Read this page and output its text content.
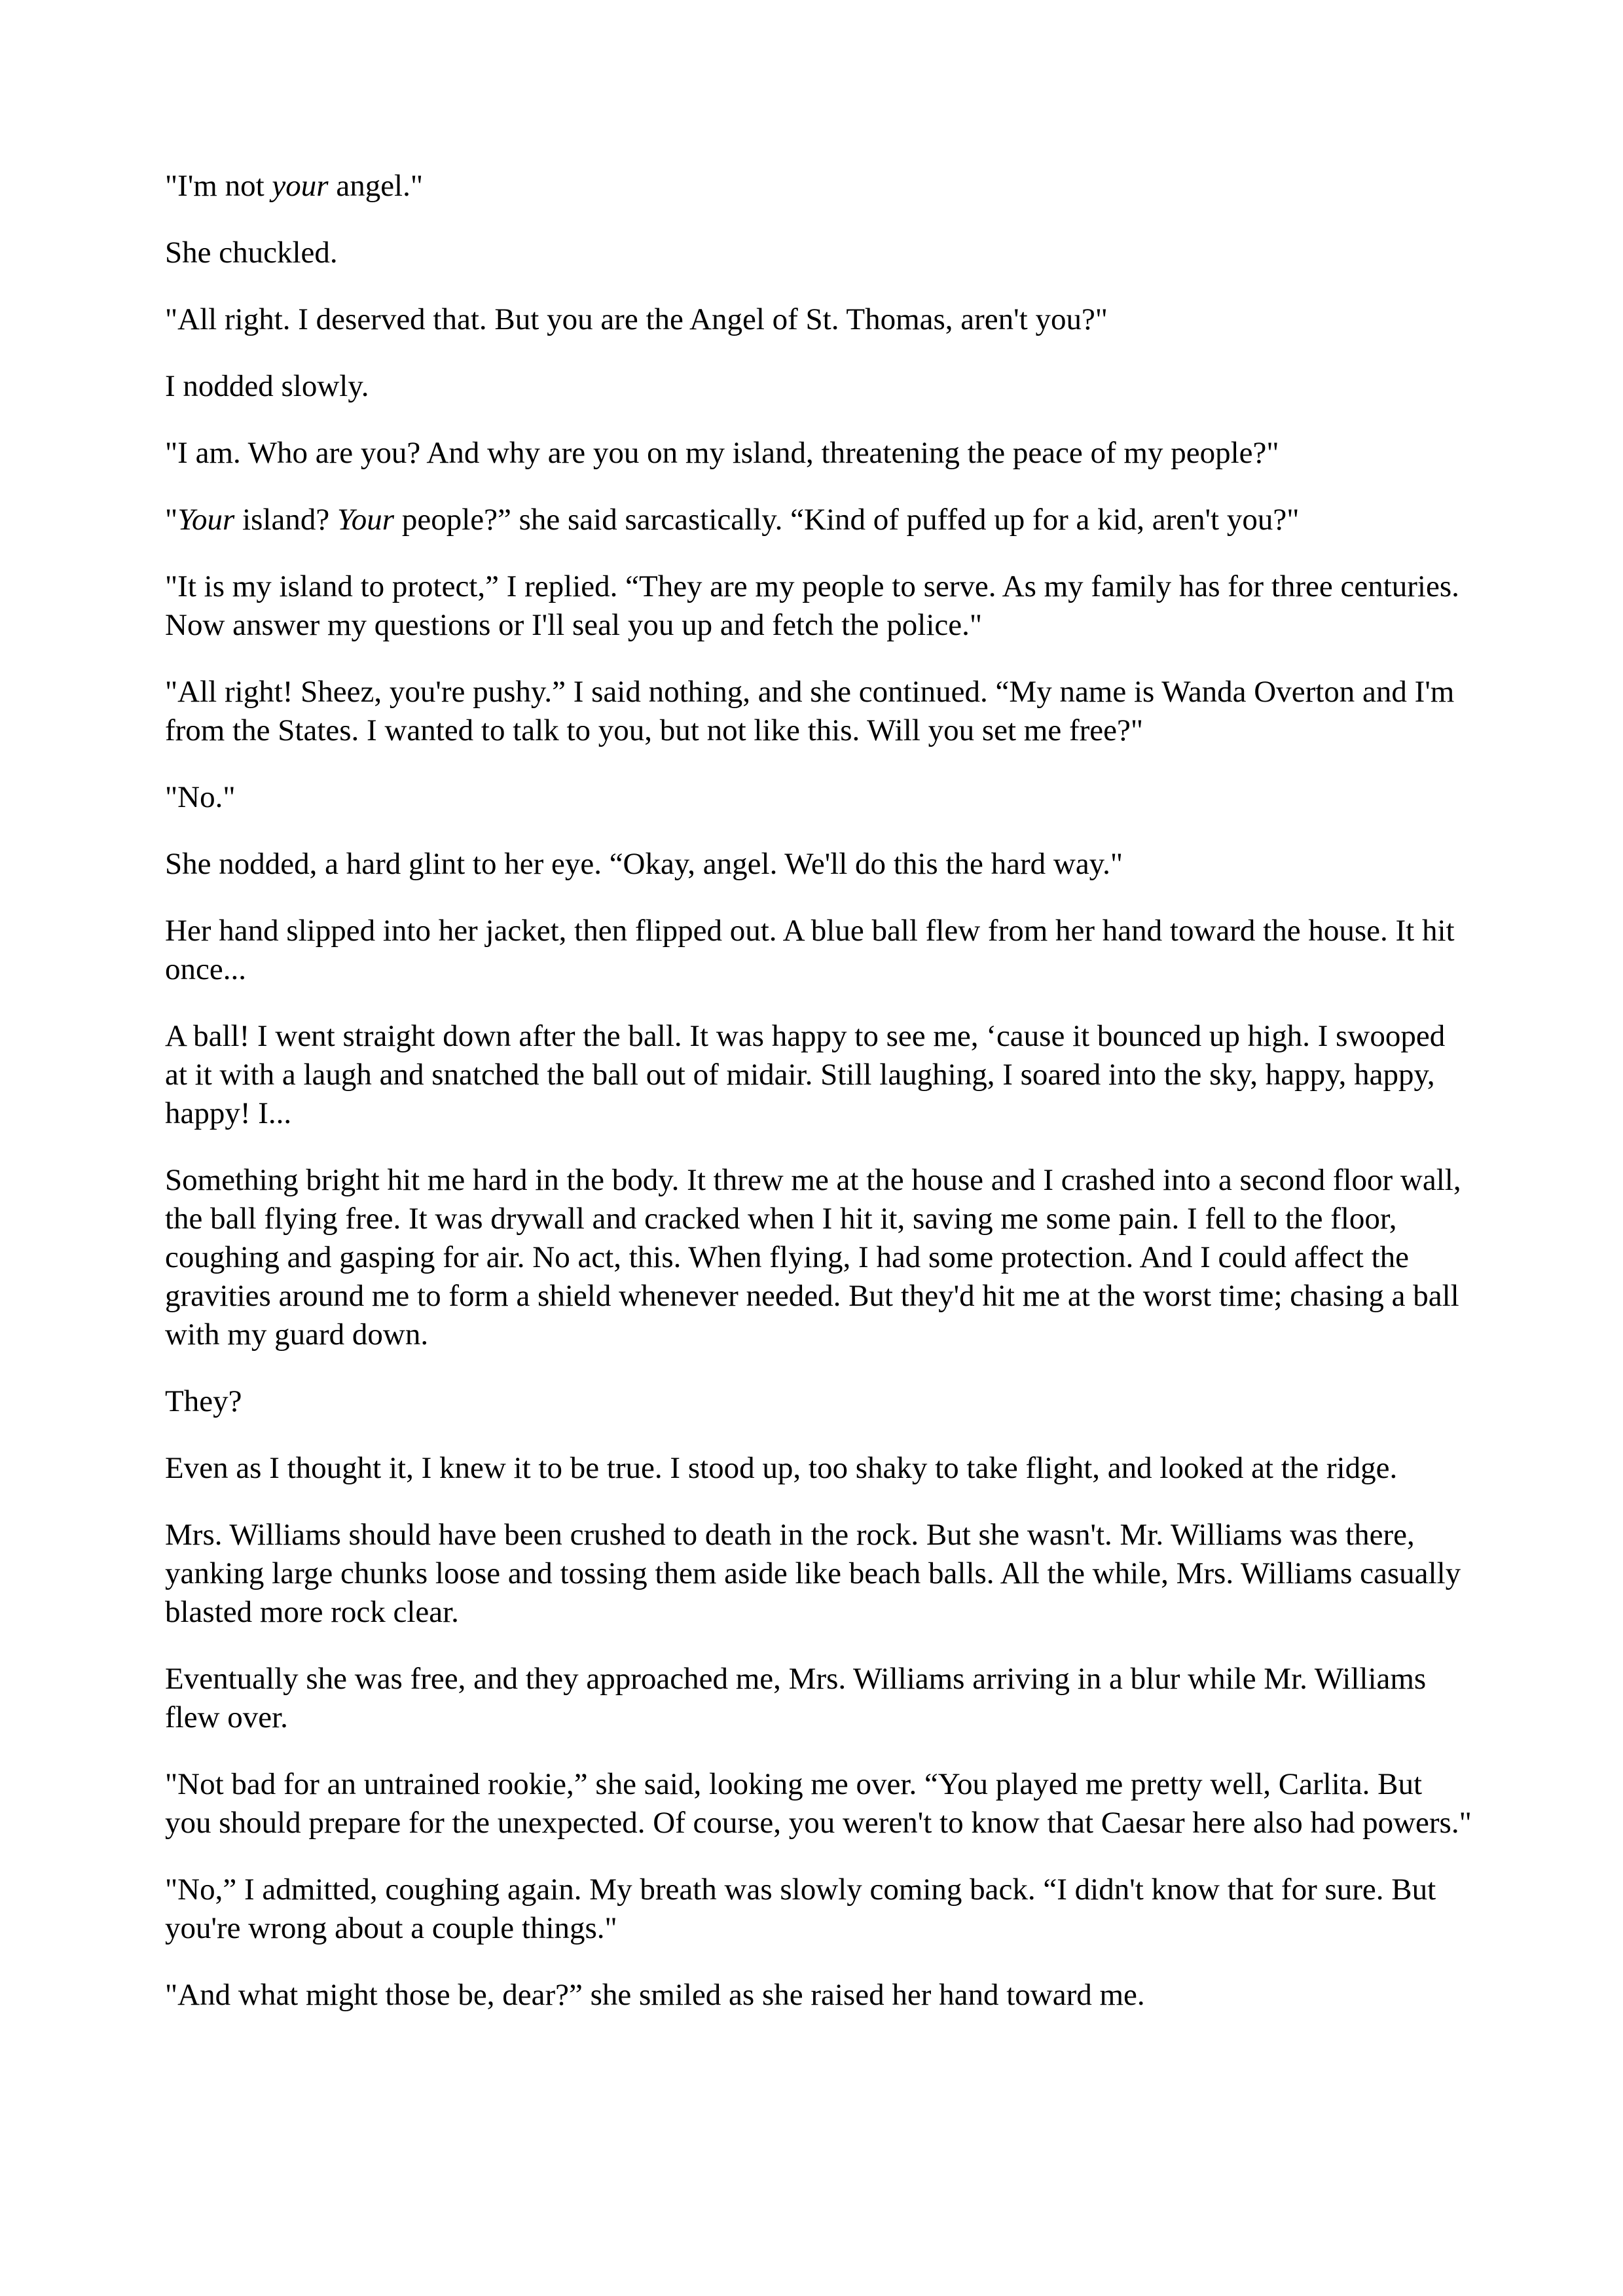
"I'm not your angel."

She chuckled.

"All right. I deserved that. But you are the Angel of St. Thomas, aren't you?"

I nodded slowly.

"I am. Who are you? And why are you on my island, threatening the peace of my people?"

"Your island? Your people?” she said sarcastically. “Kind of puffed up for a kid, aren't you?"

"It is my island to protect,” I replied. “They are my people to serve. As my family has for three centuries. Now answer my questions or I'll seal you up and fetch the police."

"All right! Sheez, you're pushy.” I said nothing, and she continued. “My name is Wanda Overton and I'm from the States. I wanted to talk to you, but not like this. Will you set me free?"

"No."

She nodded, a hard glint to her eye. “Okay, angel. We'll do this the hard way."

Her hand slipped into her jacket, then flipped out. A blue ball flew from her hand toward the house. It hit once...

A ball! I went straight down after the ball. It was happy to see me, ‘cause it bounced up high. I swooped at it with a laugh and snatched the ball out of midair. Still laughing, I soared into the sky, happy, happy, happy! I...

Something bright hit me hard in the body. It threw me at the house and I crashed into a second floor wall, the ball flying free. It was drywall and cracked when I hit it, saving me some pain. I fell to the floor, coughing and gasping for air. No act, this. When flying, I had some protection. And I could affect the gravities around me to form a shield whenever needed. But they'd hit me at the worst time; chasing a ball with my guard down.

They?

Even as I thought it, I knew it to be true. I stood up, too shaky to take flight, and looked at the ridge.

Mrs. Williams should have been crushed to death in the rock. But she wasn't. Mr. Williams was there, yanking large chunks loose and tossing them aside like beach balls. All the while, Mrs. Williams casually blasted more rock clear.

Eventually she was free, and they approached me, Mrs. Williams arriving in a blur while Mr. Williams flew over.

"Not bad for an untrained rookie,” she said, looking me over. “You played me pretty well, Carlita. But you should prepare for the unexpected. Of course, you weren't to know that Caesar here also had powers."

"No,” I admitted, coughing again. My breath was slowly coming back. “I didn't know that for sure. But you're wrong about a couple things."

"And what might those be, dear?” she smiled as she raised her hand toward me.
